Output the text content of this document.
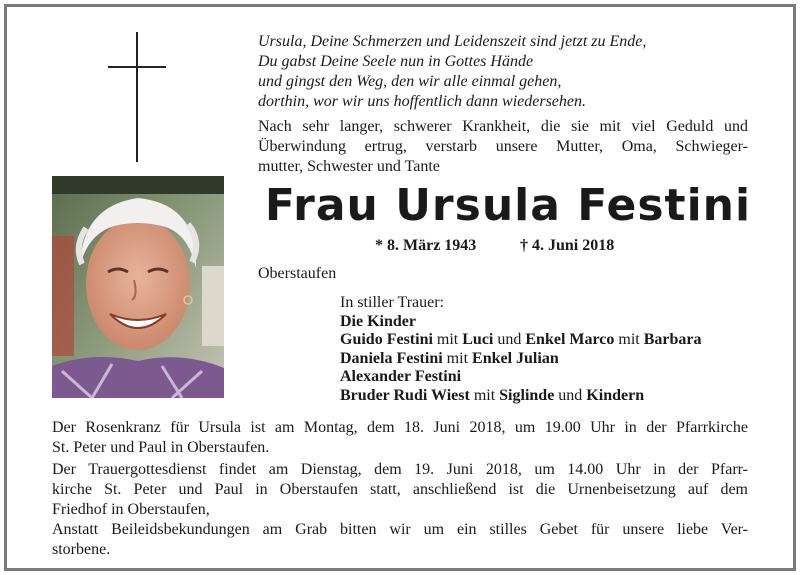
Ursula, Deine Schmerzen und Leidenszeit sind jetzt zu Ende,
Du gabst Deine Seele nun in Gottes Hände
und gingst den Weg, den wir alle einmal gehen,
dorthin, wor wir uns hoffentlich dann wiedersehen.
Nach sehr langer, schwerer Krankheit, die sie mit viel Geduld und
Überwindung ertrug, verstarb unsere Mutter, Oma, Schwieger-
mutter, Schwester und Tante
Frau Ursula Festini
* 8. März 1943	† 4. Juni 2018
Oberstaufen
In stiller Trauer:
Die Kinder
Guido Festini mit Luci und Enkel Marco mit Barbara
Daniela Festini mit Enkel Julian
Alexander Festini
Bruder Rudi Wiest mit Siglinde und Kindern
Der Rosenkranz für Ursula ist am Montag, dem 18. Juni 2018, um 19.00 Uhr in der Pfarrkirche
St. Peter und Paul in Oberstaufen.
Der Trauergottesdienst findet am Dienstag, dem 19. Juni 2018, um 14.00 Uhr in der Pfarr-
kirche St. Peter und Paul in Oberstaufen statt, anschließend ist die Urnenbeisetzung auf dem
Friedhof in Oberstaufen,
Anstatt Beileidsbekundungen am Grab bitten wir um ein stilles Gebet für unsere liebe Ver-
storbene.
